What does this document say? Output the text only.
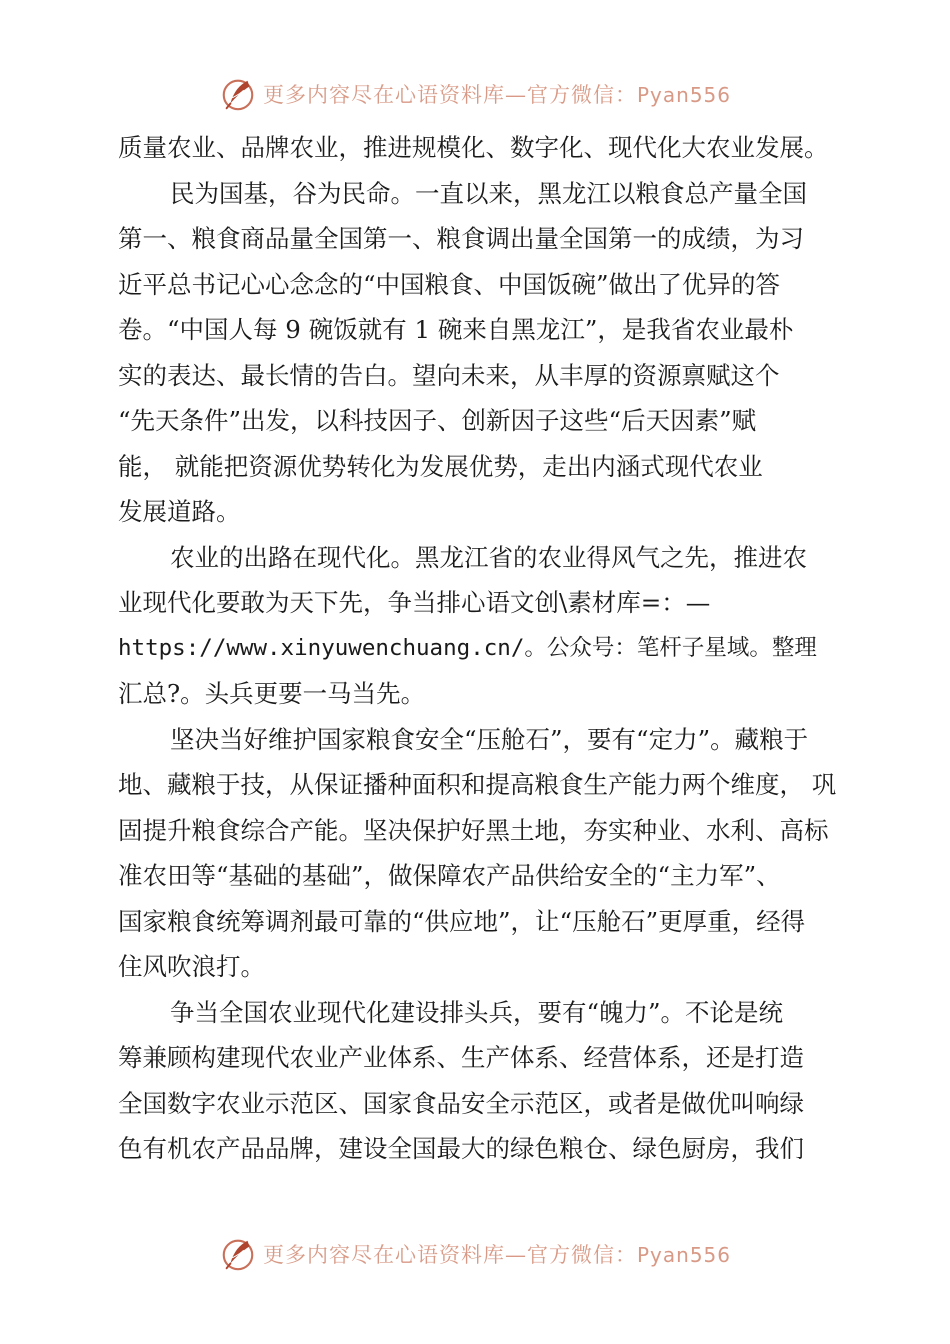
更多内容尽在心语资料库—官方微信：Pyan556
质量农业、品牌农业，推进规模化、数字化、现代化大农业发展。
民为国基，谷为民命。一直以来，黑龙江以粮食总产量全国
第一、粮食商品量全国第一、粮食调出量全国第一的成绩，为习
近平总书记心心念念的“中国粮食、中国饭碗”做出了优异的答
卷。“中国人每 9 碗饭就有 1 碗来自黑龙江”，是我省农业最朴
实的表达、最长情的告白。望向未来，从丰厚的资源禀赋这个
“先天条件”出发，以科技因子、创新因子这些“后天因素”赋
能， 就能把资源优势转化为发展优势，走出内涵式现代农业
发展道路。
农业的出路在现代化。黑龙江省的农业得风气之先，推进农
业现代化要敢为天下先，争当排心语文创\素材库=：—
https://www.xinyuwenchuang.cn/。公众号：笔杆子星域。整理
汇总?。头兵更要一马当先。
坚决当好维护国家粮食安全“压舱石”，要有“定力”。藏粮于
地、藏粮于技，从保证播种面积和提高粮食生产能力两个维度， 巩
固提升粮食综合产能。坚决保护好黑土地，夯实种业、水利、高标
准农田等“基础的基础”，做保障农产品供给安全的“主力军”、
国家粮食统筹调剂最可靠的“供应地”，让“压舱石”更厚重，经得
住风吹浪打。
争当全国农业现代化建设排头兵，要有“魄力”。不论是统
筹兼顾构建现代农业产业体系、生产体系、经营体系，还是打造
全国数字农业示范区、国家食品安全示范区，或者是做优叫响绿
色有机农产品品牌，建设全国最大的绿色粮仓、绿色厨房，我们
更多内容尽在心语资料库—官方微信：Pyan556
